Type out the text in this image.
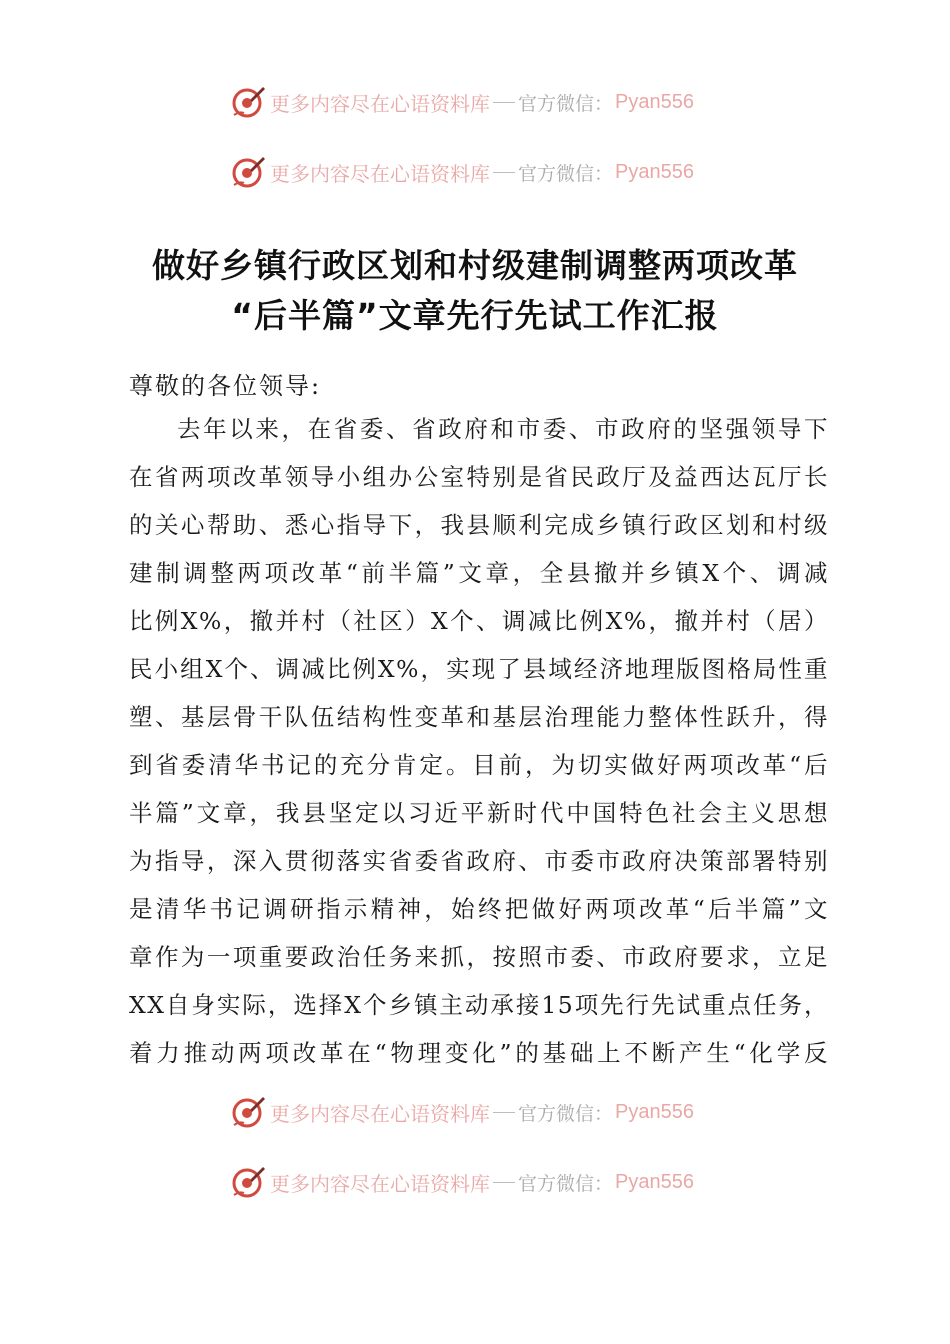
更多内容尽在心语资料库 官方微信： Pyan556
更多内容尽在心语资料库 官方微信： Pyan556
做好乡镇行政区划和村级建制调整两项改革
“后半篇”文章先行先试工作汇报
尊敬的各位领导:
去年以来，在省委、省政府和市委、市政府的坚强领导下
在省两项改革领导小组办公室特别是省民政厅及益西达瓦厅长
的关心帮助、悉心指导下，我县顺利完成乡镇行政区划和村级
建制调整两项改革“前半篇”文章，全县撤并乡镇X个、调减
比例X%，撤并村（社区）X个、调减比例X%，撤并村（居）
民小组X个、调减比例X%，实现了县域经济地理版图格局性重
塑、基层骨干队伍结构性变革和基层治理能力整体性跃升，得
到省委清华书记的充分肯定。目前，为切实做好两项改革“后
半篇”文章，我县坚定以习近平新时代中国特色社会主义思想
为指导，深入贯彻落实省委省政府、市委市政府决策部署特别
是清华书记调研指示精神，始终把做好两项改革“后半篇”文
章作为一项重要政治任务来抓，按照市委、市政府要求，立足
XX自身实际，选择X个乡镇主动承接15项先行先试重点任务，
着力推动两项改革在“物理变化”的基础上不断产生“化学反
更多内容尽在心语资料库 官方微信： Pyan556
更多内容尽在心语资料库 官方微信： Pyan556
